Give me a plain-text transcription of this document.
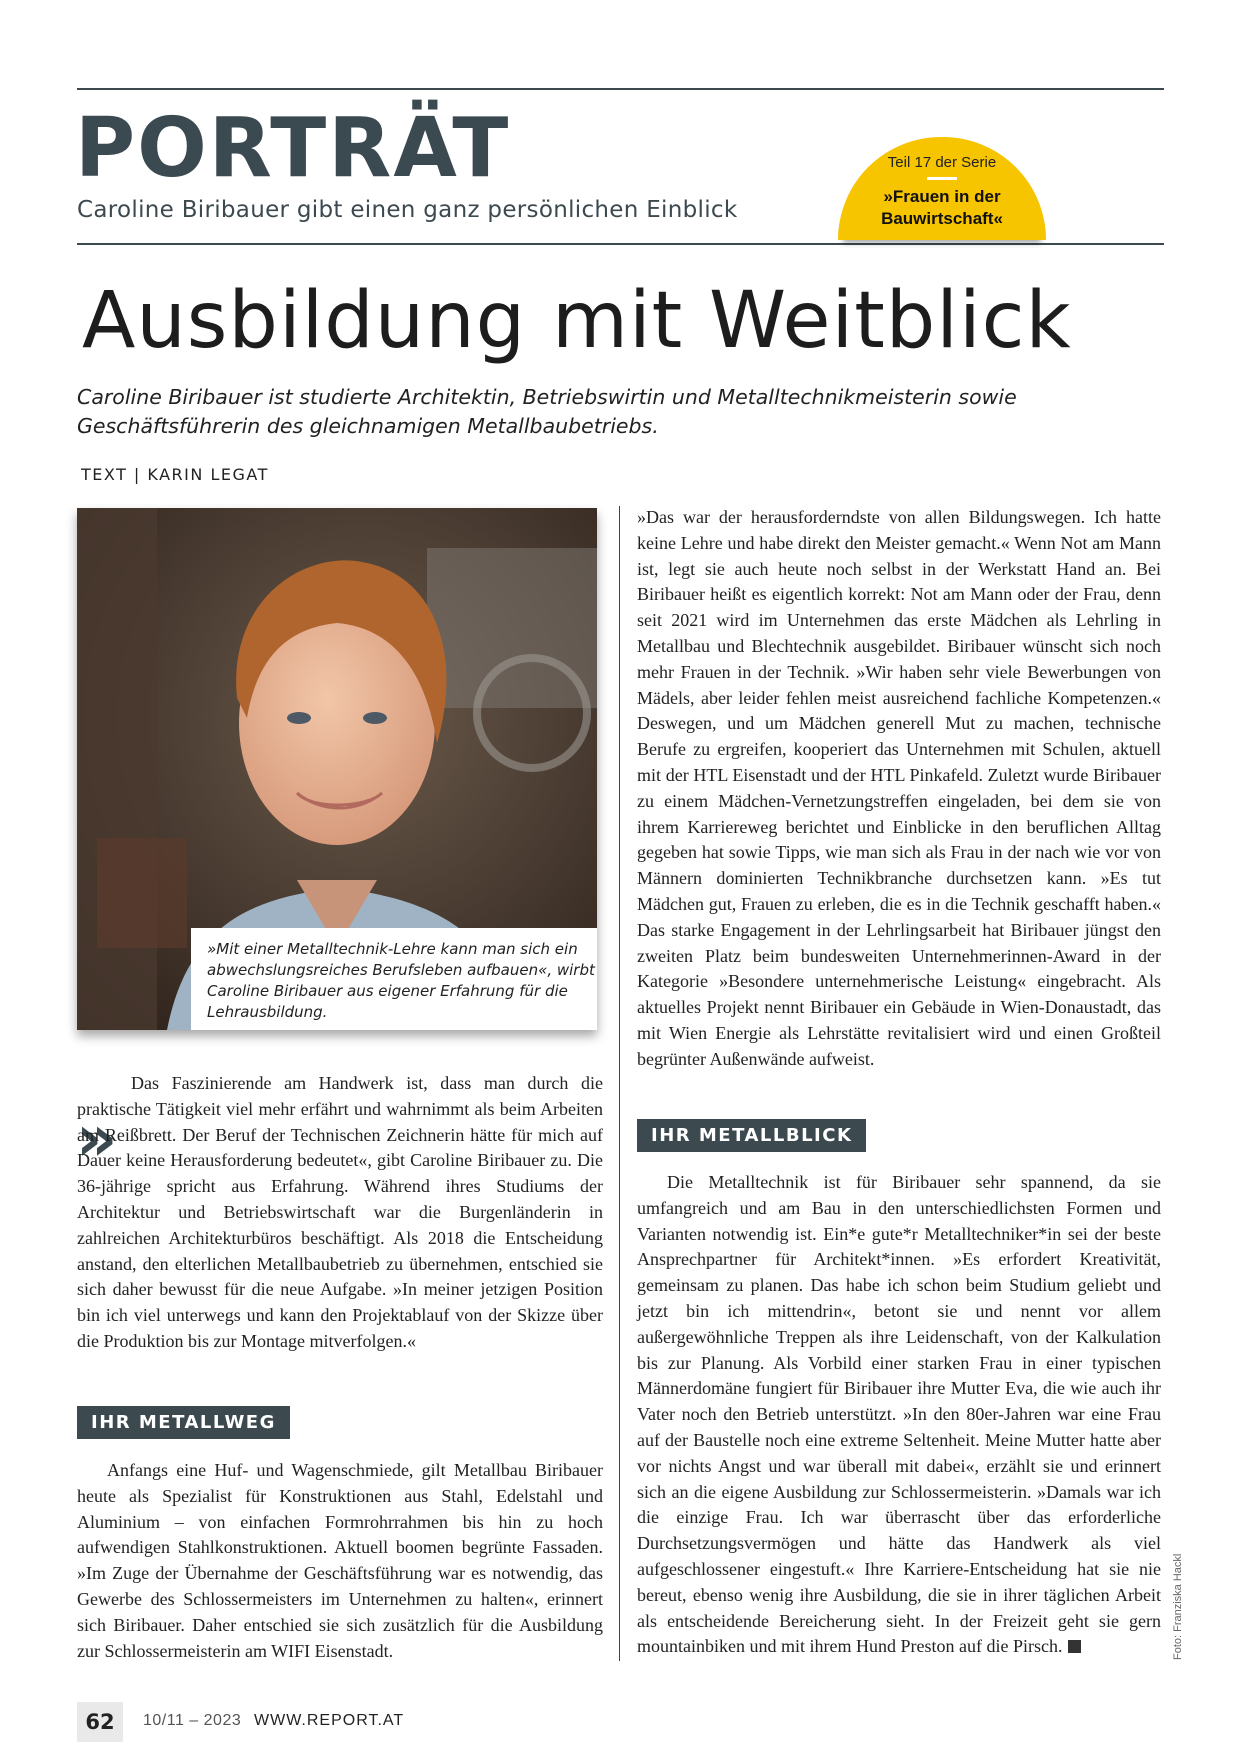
PORTRÄT
Caroline Biribauer gibt einen ganz persönlichen Einblick
Teil 17 der Serie
»Frauen in der
Bauwirtschaft«
Ausbildung mit Weitblick
Caroline Biribauer ist studierte Architektin, Betriebswirtin und Metalltechnikmeisterin sowie Geschäftsführerin des gleichnamigen Metallbaubetriebs.
TEXT | KARIN LEGAT
»Mit einer Metalltechnik-Lehre kann man sich ein abwechslungsreiches Berufsleben aufbauen«, wirbt Caroline Biribauer aus eigener Erfahrung für die Lehrausbildung.
»

Das Faszinierende am Handwerk ist, dass man durch die praktische Tätigkeit viel mehr erfährt und wahrnimmt als beim Arbeiten am Reißbrett. Der Beruf der Technischen Zeichnerin hätte für mich auf Dauer keine Herausforderung bedeutet«, gibt Caroline Biribauer zu. Die 36-jährige spricht aus Erfahrung. Während ihres Studiums der Architektur und Betriebswirtschaft war die Burgenländerin in zahlreichen Architekturbüros beschäftigt. Als 2018 die Entscheidung anstand, den elterlichen Metallbaubetrieb zu übernehmen, entschied sie sich daher bewusst für die neue Aufgabe. »In meiner jetzigen Position bin ich viel unterwegs und kann den Projektablauf von der Skizze über die Produktion bis zur Montage mitverfolgen.«

IHR METALLWEG

Anfangs eine Huf- und Wagenschmiede, gilt Metallbau Biribauer heute als Spezialist für Konstruktionen aus Stahl, Edelstahl und Aluminium – von einfachen Formrohrrahmen bis hin zu hoch aufwendigen Stahlkonstruktionen. Aktuell boomen begrünte Fassaden. »Im Zuge der Übernahme der Geschäftsführung war es notwendig, das Gewerbe des Schlossermeisters im Unternehmen zu halten«, erinnert sich Biribauer. Daher entschied sie sich zusätzlich für die Ausbildung zur Schlossermeisterin am WIFI Eisenstadt.

»Das war der herausforderndste von allen Bildungswegen. Ich hatte keine Lehre und habe direkt den Meister gemacht.« Wenn Not am Mann ist, legt sie auch heute noch selbst in der Werkstatt Hand an. Bei Biribauer heißt es eigentlich korrekt: Not am Mann oder der Frau, denn seit 2021 wird im Unternehmen das erste Mädchen als Lehrling in Metallbau und Blechtechnik ausgebildet. Biribauer wünscht sich noch mehr Frauen in der Technik. »Wir haben sehr viele Bewerbungen von Mädels, aber leider fehlen meist ausreichend fachliche Kompetenzen.« Deswegen, und um Mädchen generell Mut zu machen, technische Berufe zu ergreifen, kooperiert das Unternehmen mit Schulen, aktuell mit der HTL Eisenstadt und der HTL Pinkafeld. Zuletzt wurde Biribauer zu einem Mädchen-Vernetzungstreffen eingeladen, bei dem sie von ihrem Karriereweg berichtet und Einblicke in den beruflichen Alltag gegeben hat sowie Tipps, wie man sich als Frau in der nach wie vor von Männern dominierten Technikbranche durchsetzen kann. »Es tut Mädchen gut, Frauen zu erleben, die es in die Technik geschafft haben.« Das starke Engagement in der Lehrlingsarbeit hat Biribauer jüngst den zweiten Platz beim bundesweiten Unternehmerinnen-Award in der Kategorie »Besondere unternehmerische Leistung« eingebracht. Als aktuelles Projekt nennt Biribauer ein Gebäude in Wien-Donaustadt, das mit Wien Energie als Lehrstätte revitalisiert wird und einen Großteil begrünter Außenwände aufweist.

IHR METALLBLICK

Die Metalltechnik ist für Biribauer sehr spannend, da sie umfangreich und am Bau in den unterschiedlichsten Formen und Varianten notwendig ist. Ein*e gute*r Metalltechniker*in sei der beste Ansprechpartner für Architekt*innen. »Es erfordert Kreativität, gemeinsam zu planen. Das habe ich schon beim Studium geliebt und jetzt bin ich mittendrin«, betont sie und nennt vor allem außergewöhnliche Treppen als ihre Leidenschaft, von der Kalkulation bis zur Planung. Als Vorbild einer starken Frau in einer typischen Männerdomäne fungiert für Biribauer ihre Mutter Eva, die wie auch ihr Vater noch den Betrieb unterstützt. »In den 80er-Jahren war eine Frau auf der Baustelle noch eine extreme Seltenheit. Meine Mutter hatte aber vor nichts Angst und war überall mit dabei«, erzählt sie und erinnert sich an die eigene Ausbildung zur Schlossermeisterin. »Damals war ich die einzige Frau. Ich war überrascht über das erforderliche Durchsetzungsvermögen und hätte das Handwerk als viel aufgeschlossener eingestuft.« Ihre Karriere-Entscheidung hat sie nie bereut, ebenso wenig ihre Ausbildung, die sie in ihrer täglichen Arbeit als entscheidende Bereicherung sieht. In der Freizeit geht sie gern mountainbiken und mit ihrem Hund Preston auf die Pirsch.	Foto: Franziska Hackl
62	10/11 – 2023 WWW.REPORT.AT
